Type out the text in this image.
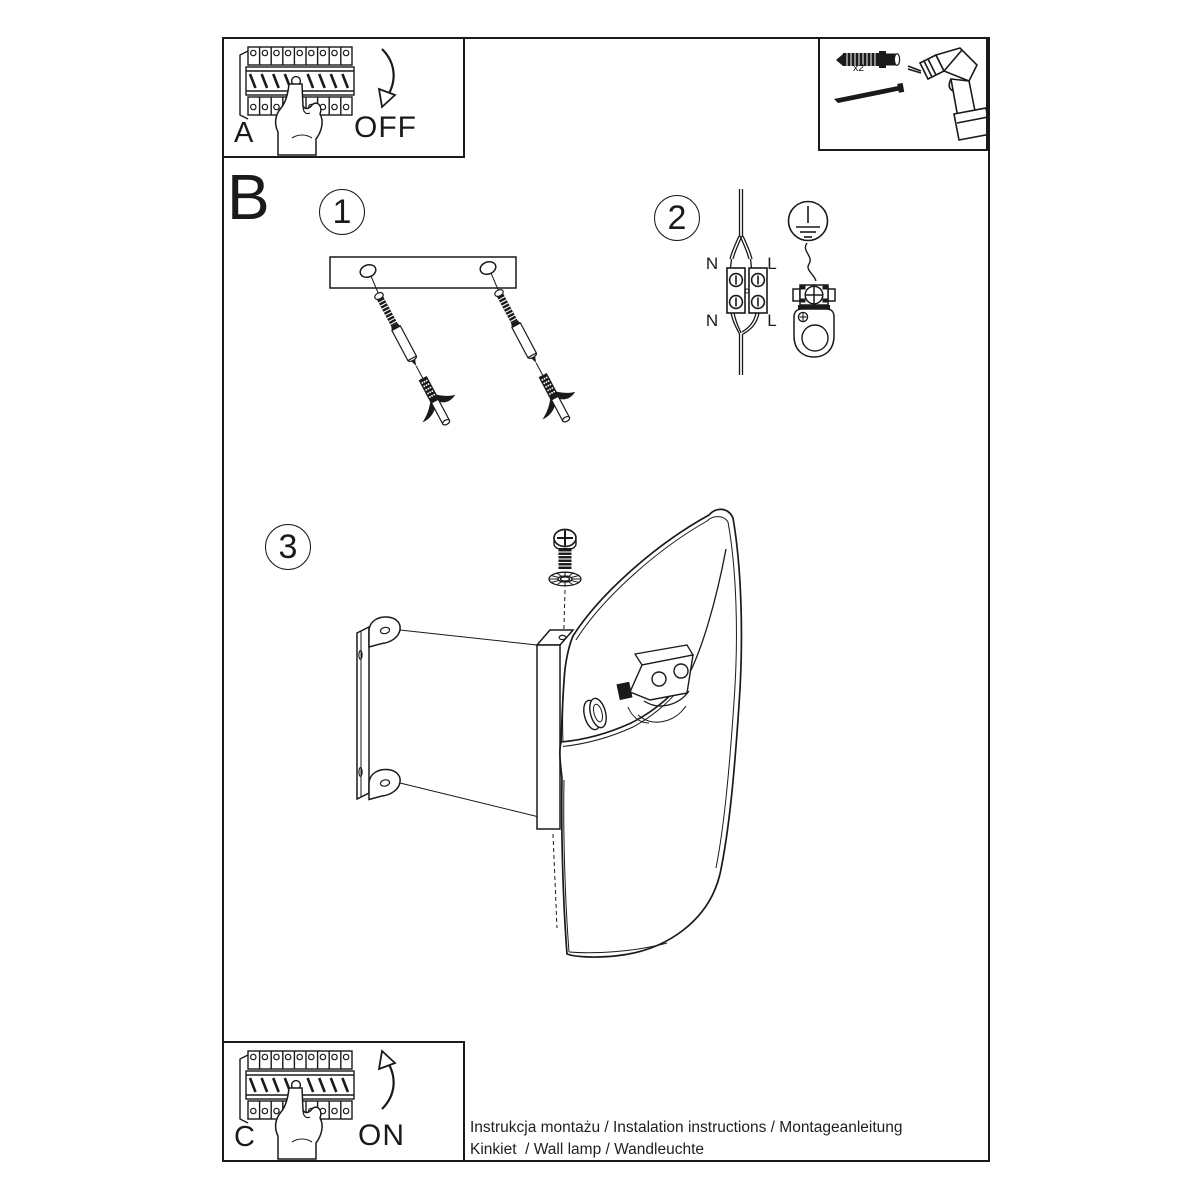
A	OFF
x2
B 1	2
3
N	L
N	L
C	ON	Instrukcja montażu / Instalation instructions / Montageanleitung
Kinkiet  / Wall lamp / Wandleuchte
